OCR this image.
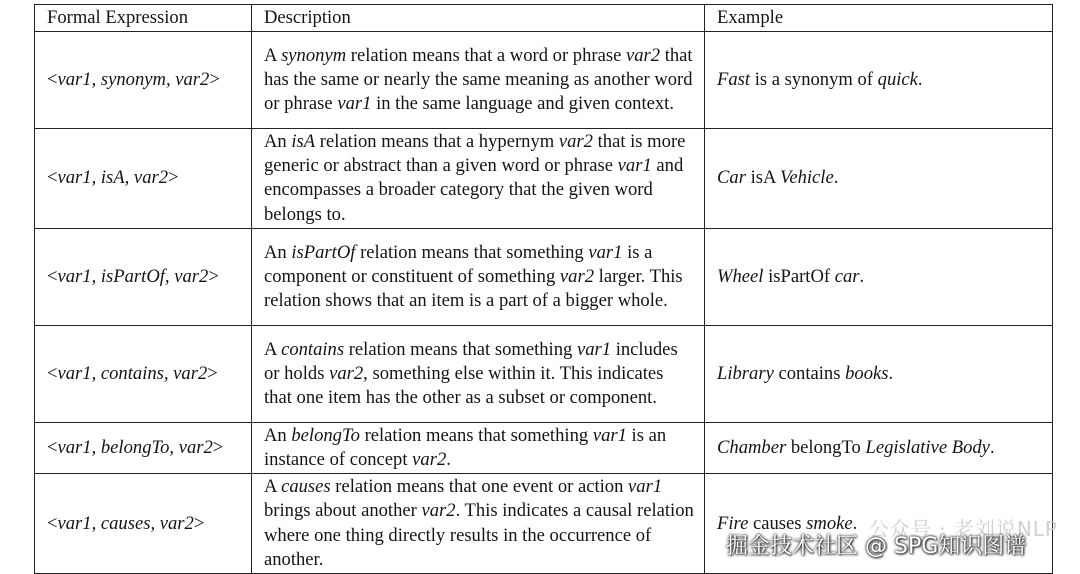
Formal Expression	Description	Example
<var1, synonym, var2>	A synonym relation means that a word or phrase var2 that has the same or nearly the same meaning as another word or phrase var1 in the same language and given context.	Fast is a synonym of quick.
<var1, isA, var2>	An isA relation means that a hypernym var2 that is more generic or abstract than a given word or phrase var1 and encompasses a broader category that the given word belongs to.	Car isA Vehicle.
<var1, isPartOf, var2>	An isPartOf relation means that something var1 is a component or constituent of something var2 larger. This relation shows that an item is a part of a bigger whole.	Wheel isPartOf car.
<var1, contains, var2>	A contains relation means that something var1 includes or holds var2, something else within it. This indicates that one item has the other as a subset or component.	Library contains books.
<var1, belongTo, var2>	An belongTo relation means that something var1 is an instance of concept var2.	Chamber belongTo Legislative Body.
<var1, causes, var2>	A causes relation means that one event or action var1 brings about another var2. This indicates a causal relation where one thing directly results in the occurrence of another.	Fire causes smoke. 公众号 · 老刘说NLP
掘金技术社区 @ SPG知识图谱
